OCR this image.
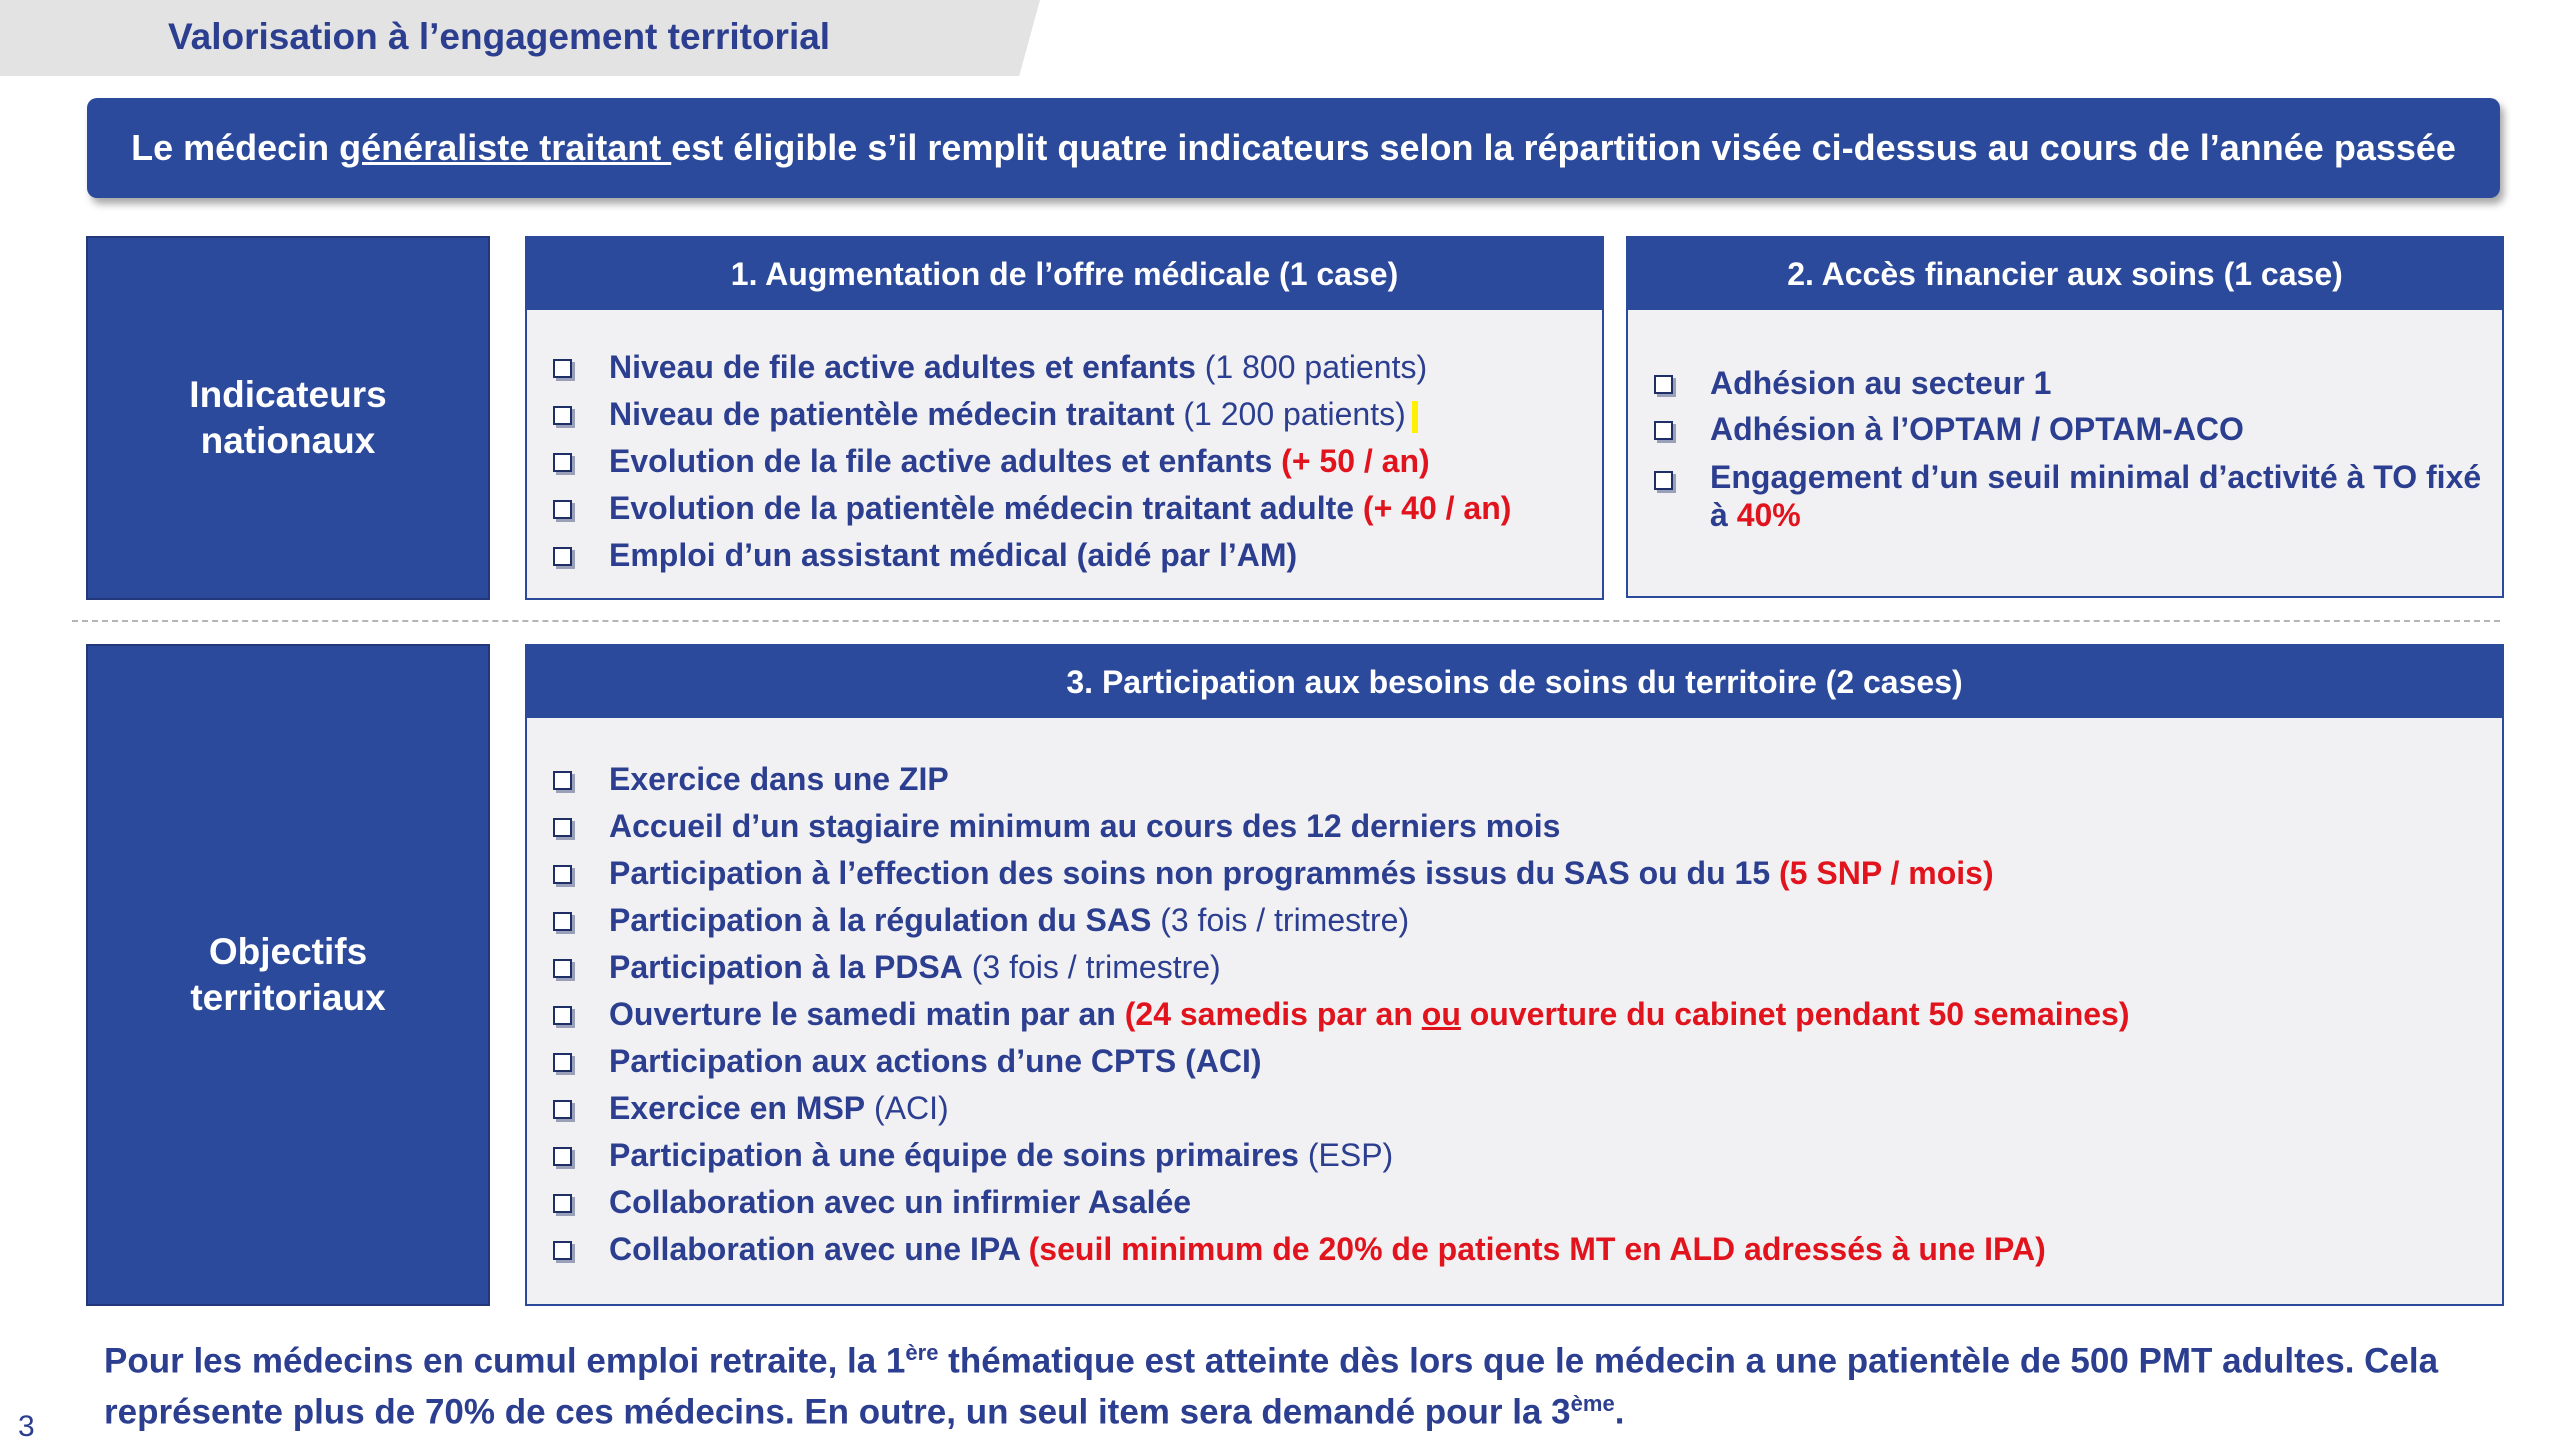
Valorisation à l’engagement territorial
Le médecin généraliste traitant est éligible s’il remplit quatre indicateurs selon la répartition visée ci-dessus au cours de l’année passée
Indicateurs
nationaux
1. Augmentation de l’offre médicale (1 case)
Niveau de file active adultes et enfants (1 800 patients)
Niveau de patientèle médecin traitant (1 200 patients)
Evolution de la file active adultes et enfants (+ 50 / an)
Evolution de la patientèle médecin traitant adulte (+ 40 / an)
Emploi d’un assistant médical (aidé par l’AM)
2. Accès financier aux soins (1 case)
Adhésion au secteur 1
Adhésion à l’OPTAM / OPTAM-ACO
Engagement d’un seuil minimal d’activité à TO fixé à 40%
Objectifs
territoriaux
3. Participation aux besoins de soins du territoire (2 cases)
Exercice dans une ZIP
Accueil d’un stagiaire minimum au cours des 12 derniers mois
Participation à l’effection des soins non programmés issus du SAS ou du 15 (5 SNP / mois)
Participation à la régulation du SAS (3 fois / trimestre)
Participation à la PDSA (3 fois / trimestre)
Ouverture le samedi matin par an (24 samedis par an ou ouverture du cabinet pendant 50 semaines)
Participation aux actions d’une CPTS (ACI)
Exercice en MSP (ACI)
Participation à une équipe de soins primaires (ESP)
Collaboration avec un infirmier Asalée
Collaboration avec une IPA (seuil minimum de 20% de patients MT en ALD adressés à une IPA)
Pour les médecins en cumul emploi retraite, la 1ère thématique est atteinte dès lors que le médecin a une patientèle de 500 PMT adultes. Cela représente plus de 70% de ces médecins. En outre, un seul item sera demandé pour la 3ème.
3
